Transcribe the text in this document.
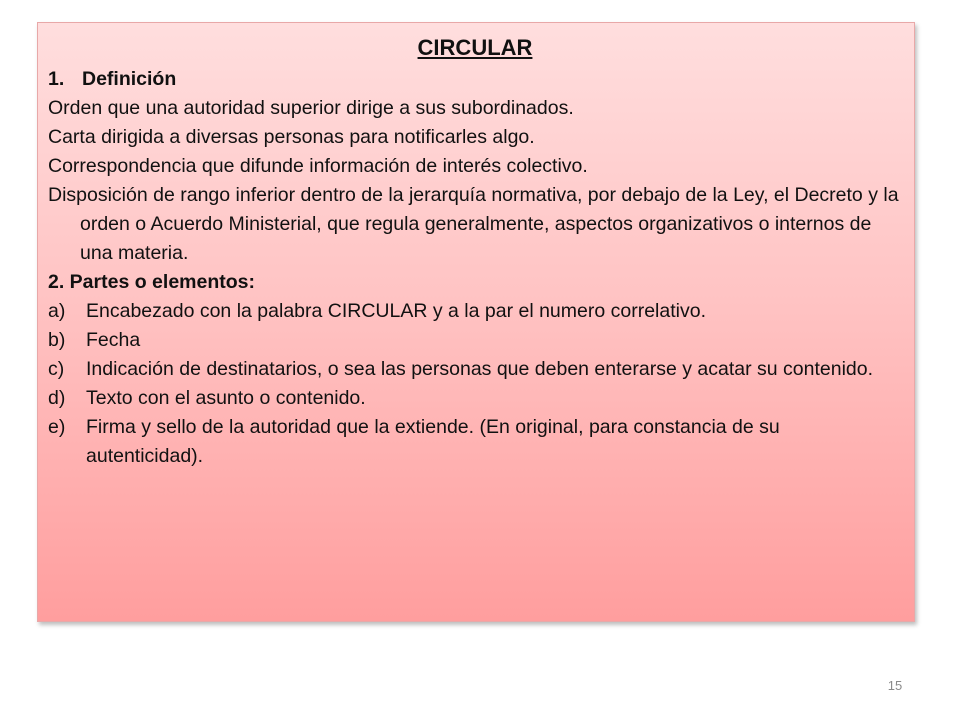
CIRCULAR
1. Definición
Orden que una autoridad superior dirige a sus subordinados.
Carta dirigida a diversas personas para notificarles algo.
Correspondencia que difunde información de interés colectivo.
Disposición de rango inferior dentro de la jerarquía normativa, por debajo de la Ley, el Decreto y la orden o Acuerdo Ministerial, que regula generalmente, aspectos organizativos o internos de una materia.
2. Partes o elementos:
a)	Encabezado con la palabra CIRCULAR y a la par el numero correlativo.
b)	Fecha
c)	Indicación de destinatarios, o sea las personas que deben enterarse y acatar su contenido.
d)	Texto con el asunto o contenido.
e)	Firma y sello de la autoridad que la extiende. (En original, para constancia de su autenticidad).
15
